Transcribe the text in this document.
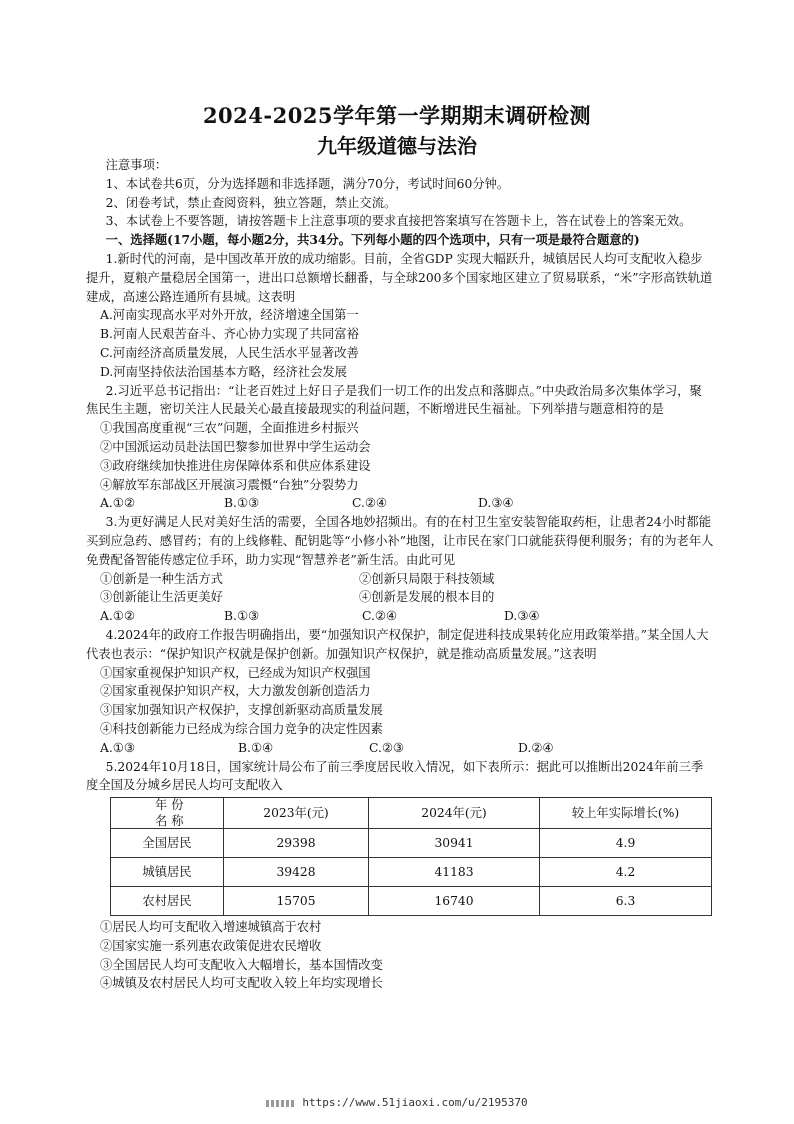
2024-2025学年第一学期期末调研检测
九年级道德与法治

注意事项：

1、本试卷共6页，分为选择题和非选择题，满分70分，考试时间60分钟。

2、闭卷考试，禁止查阅资料，独立答题，禁止交流。

3、本试卷上不要答题，请按答题卡上注意事项的要求直接把答案填写在答题卡上，答在试卷上的答案无效。

一、选择题(17小题，每小题2分，共34分。下列每小题的四个选项中，只有一项是最符合题意的)

1.新时代的河南，是中国改革开放的成功缩影。目前，全省GDP 实现大幅跃升，城镇居民人均可支配收入稳步提升，夏粮产量稳居全国第一，进出口总额增长翻番，与全球200多个国家地区建立了贸易联系，“米”字形高铁轨道建成，高速公路连通所有县城。这表明

A.河南实现高水平对外开放，经济增速全国第一

B.河南人民艰苦奋斗、齐心协力实现了共同富裕

C.河南经济高质量发展，人民生活水平显著改善

D.河南坚持依法治国基本方略，经济社会发展

2.习近平总书记指出：“让老百姓过上好日子是我们一切工作的出发点和落脚点。”中央政治局多次集体学习，聚焦民生主题，密切关注人民最关心最直接最现实的利益问题，不断增进民生福祉。下列举措与题意相符的是

①我国高度重视“三农”问题，全面推进乡村振兴

②中国派运动员赴法国巴黎参加世界中学生运动会

③政府继续加快推进住房保障体系和供应体系建设

④解放军东部战区开展演习震慑“台独”分裂势力

A.①②	B.①③	C.②④	D.③④

3.为更好满足人民对美好生活的需要，全国各地妙招频出。有的在村卫生室安装智能取药柜，让患者24小时都能买到应急药、感冒药；有的上线修鞋、配钥匙等“小修小补”地图，让市民在家门口就能获得便利服务；有的为老年人免费配备智能传感定位手环，助力实现“智慧养老”新生活。由此可见

①创新是一种生活方式	②创新只局限于科技领域
③创新能让生活更美好	④创新是发展的根本目的
A.①②	B.①③	C.②④	D.③④

4.2024年的政府工作报告明确指出，要“加强知识产权保护，制定促进科技成果转化应用政策举措。”某全国人大代表也表示：“保护知识产权就是保护创新。加强知识产权保护，就是推动高质量发展。”这表明

①国家重视保护知识产权，已经成为知识产权强国

②国家重视保护知识产权，大力激发创新创造活力

③国家加强知识产权保护，支撑创新驱动高质量发展

④科技创新能力已经成为综合国力竞争的决定性因素

A.①③	B.①④	C.②③	D.②④

5.2024年10月18日，国家统计局公布了前三季度居民收入情况，如下表所示：据此可以推断出2024年前三季度全国及分城乡居民人均可支配收入

年 份
名 称	2023年(元)	2024年(元)	较上年实际增长(%)
全国居民	29398	30941	4.9
城镇居民	39428	41183	4.2
农村居民	15705	16740	6.3

①居民人均可支配收入增速城镇高于农村

②国家实施一系列惠农政策促进农民增收

③全国居民人均可支配收入大幅增长，基本国情改变

④城镇及农村居民人均可支配收入较上年均实现增长

https://www.51jiaoxi.com/u/2195370
